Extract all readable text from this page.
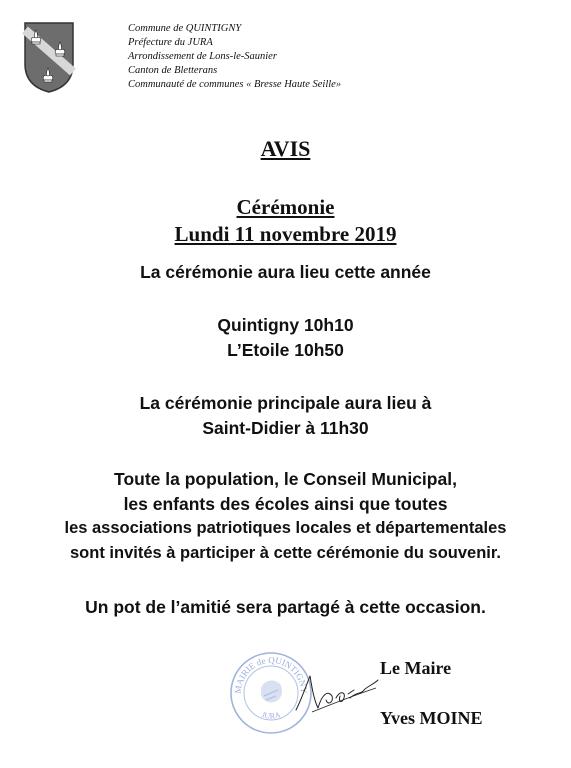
Commune de QUINTIGNY
Préfecture du JURA
Arrondissement de Lons-le-Saunier
Canton de Bletterans
Communauté de communes « Bresse Haute Seille»
AVIS
Cérémonie
Lundi 11 novembre 2019
La cérémonie aura lieu cette année
Quintigny 10h10
L’Etoile 10h50
La cérémonie principale aura lieu à
Saint-Didier à 11h30
Toute la population, le Conseil Municipal,
les enfants des écoles ainsi que toutes
les associations patriotiques locales et départementales
sont invités à participer à cette cérémonie du souvenir.
Un pot de l’amitié sera partagé à cette occasion.
MAIRIE de QUINTIGNY
JURA
Le Maire
Yves MOINE
